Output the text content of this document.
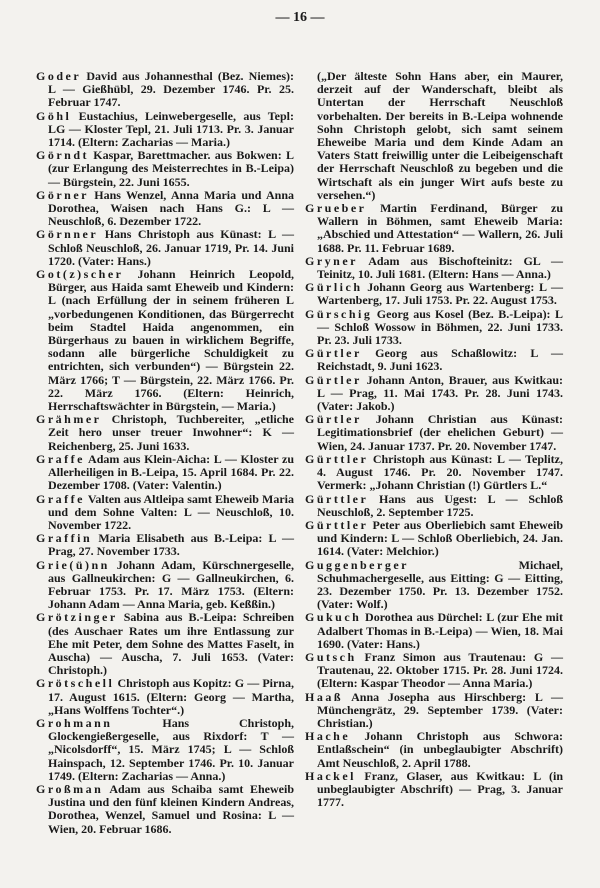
— 16 —

Goder David aus Johannesthal (Bez. Niemes): L — Gießhübl, 29. Dezember 1746. Pr. 25. Februar 1747.

Göhl Eustachius, Leinwebergeselle, aus Tepl: LG — Kloster Tepl, 21. Juli 1713. Pr. 3. Januar 1714. (Eltern: Zacharias — Maria.)

Görndt Kaspar, Barettmacher. aus Bokwen: L (zur Erlangung des Meisterrechtes in B.-Leipa) — Bürgstein, 22. Juni 1655.

Görner Hans Wenzel, Anna Maria und Anna Dorothea, Waisen nach Hans G.: L — Neuschloß, 6. Dezember 1722.

Görnner Hans Christoph aus Künast: L — Schloß Neuschloß, 26. Januar 1719, Pr. 14. Juni 1720. (Vater: Hans.)

Got(z)scher Johann Heinrich Leopold, Bürger, aus Haida samt Eheweib und Kindern: L (nach Erfüllung der in seinem früheren L „vorbedungenen Konditionen, das Bürgerrecht beim Stadtel Haida angenommen, ein Bürgerhaus zu bauen in wirklichem Begriffe, sodann alle bürgerliche Schuldigkeit zu entrichten, sich verbunden“) — Bürgstein 22. März 1766; T — Bürgstein, 22. März 1766. Pr. 22. März 1766. (Eltern: Heinrich, Herrschaftswächter in Bürgstein, — Maria.)

Grähmer Christoph, Tuchbereiter, „etliche Zeit hero unser treuer Inwohner“: K — Reichenberg, 25. Juni 1633.

Graffe Adam aus Klein-Aicha: L — Kloster zu Allerheiligen in B.-Leipa, 15. April 1684. Pr. 22. Dezember 1708. (Vater: Valentin.)

Graffe Valten aus Altleipa samt Eheweib Maria und dem Sohne Valten: L — Neuschloß, 10. November 1722.

Graffin Maria Elisabeth aus B.-Leipa: L — Prag, 27. November 1733.

Grie(ü)nn Johann Adam, Kürschnergeselle, aus Gallneukirchen: G — Gallneukirchen, 6. Februar 1753. Pr. 17. März 1753. (Eltern: Johann Adam — Anna Maria, geb. Keßßin.)

Grötzinger Sabina aus B.-Leipa: Schreiben (des Auschaer Rates um ihre Entlassung zur Ehe mit Peter, dem Sohne des Mattes Faselt, in Auscha) — Auscha, 7. Juli 1653. (Vater: Christoph.)

Grötschell Christoph aus Kopitz: G — Pirna, 17. August 1615. (Eltern: Georg — Martha, „Hans Wolffens Tochter“.)

Grohmann	Hans Christoph, Glockengießergeselle, aus Rixdorf: T — „Nicolsdorff“, 15. März 1745; L — Schloß Hainspach, 12. September 1746. Pr. 10. Januar 1749. (Eltern: Zacharias — Anna.)

Großman Adam aus Schaiba samt Eheweib Justina und den fünf kleinen Kindern Andreas, Dorothea, Wenzel, Samuel und Rosina: L — Wien, 20. Februar 1686.

(„Der älteste Sohn Hans aber, ein Maurer, derzeit auf der Wanderschaft, bleibt als Untertan der Herrschaft Neuschloß vorbehalten. Der bereits in B.-Leipa wohnende Sohn Christoph gelobt, sich samt seinem Eheweibe Maria und dem Kinde Adam an Vaters Statt freiwillig unter die Leibeigenschaft der Herrschaft Neuschloß zu begeben und die Wirtschaft als ein junger Wirt aufs beste zu versehen.“)

Grueber Martin Ferdinand, Bürger zu Wallern in Böhmen, samt Eheweib Maria: „Abschied und Attestation“ — Wallern, 26. Juli 1688. Pr. 11. Februar 1689.

Gryner Adam aus Bischofteinitz: GL — Teinitz, 10. Juli 1681. (Eltern: Hans — Anna.)

Gürlich Johann Georg aus Wartenberg: L — Wartenberg, 17. Juli 1753. Pr. 22. August 1753.

Gürschig Georg aus Kosel (Bez. B.-Leipa): L — Schloß Wossow in Böhmen, 22. Juni 1733. Pr. 23. Juli 1733.

Gürtler Georg aus Schaßlowitz: L — Reichstadt, 9. Juni 1623.

Gürtler Johann Anton, Brauer, aus Kwitkau: L — Prag, 11. Mai 1743. Pr. 28. Juni 1743. (Vater: Jakob.)

Gürtler Johann Christian aus Künast: Legitimationsbrief (der ehelichen Geburt) — Wien, 24. Januar 1737. Pr. 20. November 1747.

Gürttler Christoph aus Künast: L — Teplitz, 4. August 1746. Pr. 20. November 1747. Vermerk: „Johann Christian (!) Gürtlers L.“

Gürttler Hans aus Ugest: L — Schloß Neuschloß, 2. September 1725.

Gürttler Peter aus Oberliebich samt Eheweib und Kindern: L — Schloß Oberliebich, 24. Jan. 1614. (Vater: Melchior.)

Guggenberger	Michael, Schuhmachergeselle, aus Eitting: G — Eitting, 23. Dezember 1750. Pr. 13. Dezember 1752. (Vater: Wolf.)

Gukuch Dorothea aus Dürchel: L (zur Ehe mit Adalbert Thomas in B.-Leipa) — Wien, 18. Mai 1690. (Vater: Hans.)

Gutsch Franz Simon aus Trautenau: G — Trautenau, 22. Oktober 1715. Pr. 28. Juni 1724. (Eltern: Kaspar Theodor — Anna Maria.)

Haaß Anna Josepha aus Hirschberg: L — Münchengrätz, 29. September 1739. (Vater: Christian.)

Hache Johann Christoph aus Schwora: Entlaßschein“ (in unbeglaubigter Abschrift) Amt Neuschloß, 2. April 1788.

Hackel Franz, Glaser, aus Kwitkau: L (in unbeglaubigter Abschrift) — Prag, 3. Januar 1777.
